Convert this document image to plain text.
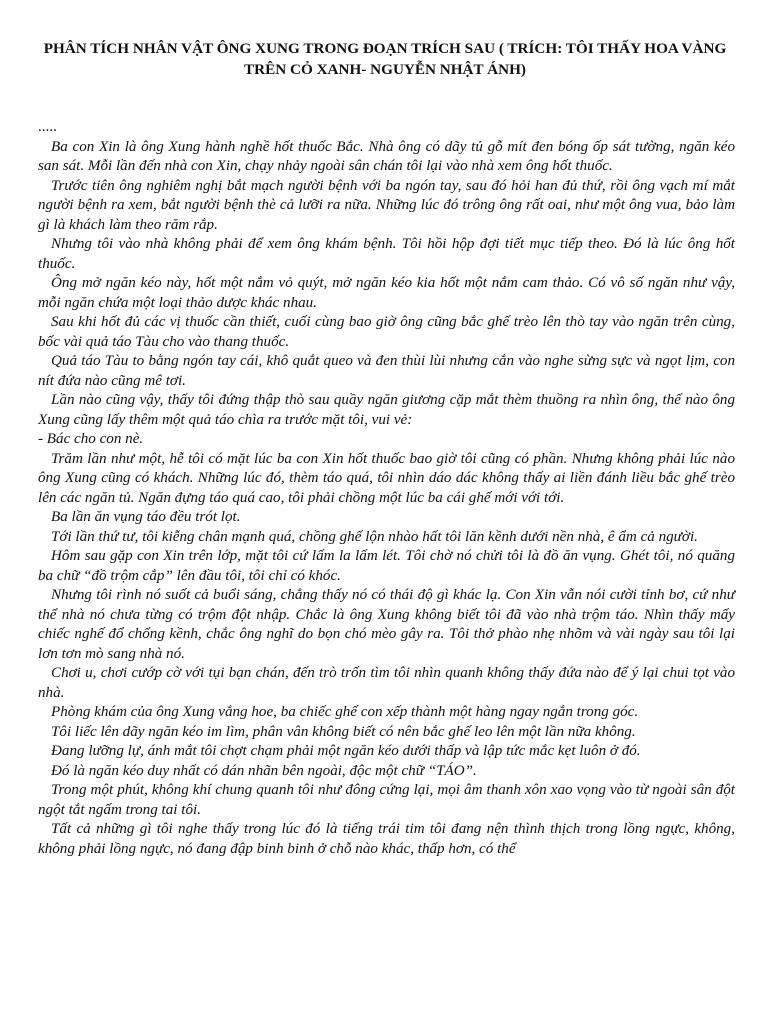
PHÂN TÍCH NHÂN VẬT ÔNG XUNG TRONG ĐOẠN TRÍCH SAU ( TRÍCH: TÔI THẤY HOA VÀNG TRÊN CỎ XANH- NGUYỄN NHẬT ÁNH)

.....

Ba con Xin là ông Xung hành nghề hốt thuốc Bắc. Nhà ông có dãy tủ gỗ mít đen bóng ốp sát tường, ngăn kéo san sát. Mỗi lần đến nhà con Xin, chạy nhảy ngoài sân chán tôi lại vào nhà xem ông hốt thuốc.

Trước tiên ông nghiêm nghị bắt mạch người bệnh với ba ngón tay, sau đó hỏi han đủ thứ, rồi ông vạch mí mắt người bệnh ra xem, bắt người bệnh thè cả lưỡi ra nữa. Những lúc đó trông ông rất oai, như một ông vua, bảo làm gì là khách làm theo răm rắp.

Nhưng tôi vào nhà không phải để xem ông khám bệnh. Tôi hồi hộp đợi tiết mục tiếp theo. Đó là lúc ông hốt thuốc.

Ông mở ngăn kéo này, hốt một nắm vỏ quýt, mở ngăn kéo kia hốt một nắm cam thảo. Có vô số ngăn như vậy, mỗi ngăn chứa một loại thảo dược khác nhau.

Sau khi hốt đủ các vị thuốc cần thiết, cuối cùng bao giờ ông cũng bắc ghế trèo lên thò tay vào ngăn trên cùng, bốc vài quả táo Tàu cho vào thang thuốc.

Quả táo Tàu to bằng ngón tay cái, khô quắt queo và đen thùi lùi nhưng cắn vào nghe sừng sực và ngọt lịm, con nít đứa nào cũng mê tơi.

Lần nào cũng vậy, thấy tôi đứng thập thò sau quầy ngăn giương cặp mắt thèm thuồng ra nhìn ông, thế nào ông Xung cũng lấy thêm một quả táo chìa ra trước mặt tôi, vui vẻ:

- Bác cho con nè.

Trăm lần như một, hễ tôi có mặt lúc ba con Xin hốt thuốc bao giờ tôi cũng có phần. Nhưng không phải lúc nào ông Xung cũng có khách. Những lúc đó, thèm táo quá, tôi nhìn dáo dác không thấy ai liền đánh liều bắc ghế trèo lên các ngăn tủ. Ngăn đựng táo quá cao, tôi phải chồng một lúc ba cái ghế mới với tới.

Ba lần ăn vụng táo đều trót lọt.

Tới lần thứ tư, tôi kiễng chân mạnh quá, chồng ghế lộn nhào hất tôi lăn kềnh dưới nền nhà, ê ẩm cả người.

Hôm sau gặp con Xin trên lớp, mặt tôi cứ lấm la lấm lét. Tôi chờ nó chửi tôi là đồ ăn vụng. Ghét tôi, nó quăng ba chữ “đồ trộm cắp” lên đầu tôi, tôi chỉ có khóc.

Nhưng tôi rình nó suốt cả buổi sáng, chẳng thấy nó có thái độ gì khác lạ. Con Xin vẫn nói cười tỉnh bơ, cứ như thể nhà nó chưa từng có trộm đột nhập. Chắc là ông Xung không biết tôi đã vào nhà trộm táo. Nhìn thấy mấy chiếc nghế đổ chổng kềnh, chắc ông nghĩ do bọn chó mèo gây ra. Tôi thở phào nhẹ nhõm và vài ngày sau tôi lại lơn tơn mò sang nhà nó.

Chơi u, chơi cướp cờ với tụi bạn chán, đến trò trốn tìm tôi nhìn quanh không thấy đứa nào để ý lại chui tọt vào nhà.

Phòng khám của ông Xung vắng hoe, ba chiếc ghế con xếp thành một hàng ngay ngắn trong góc.

Tôi liếc lên dãy ngăn kéo im lìm, phân vân không biết có nên bắc ghế leo lên một lần nữa không.

Đang lưỡng lự, ánh mắt tôi chợt chạm phải một ngăn kéo dưới thấp và lập tức mắc kẹt luôn ở đó.

Đó là ngăn kéo duy nhất có dán nhãn bên ngoài, độc một chữ “TÁO”.

Trong một phút, không khí chung quanh tôi như đông cứng lại, mọi âm thanh xôn xao vọng vào từ ngoài sân đột ngột tắt ngấm trong tai tôi.

Tất cả những gì tôi nghe thấy trong lúc đó là tiếng trái tim tôi đang nện thình thịch trong lồng ngực, không, không phải lồng ngực, nó đang đập binh binh ở chỗ nào khác, thấp hơn, có thể
